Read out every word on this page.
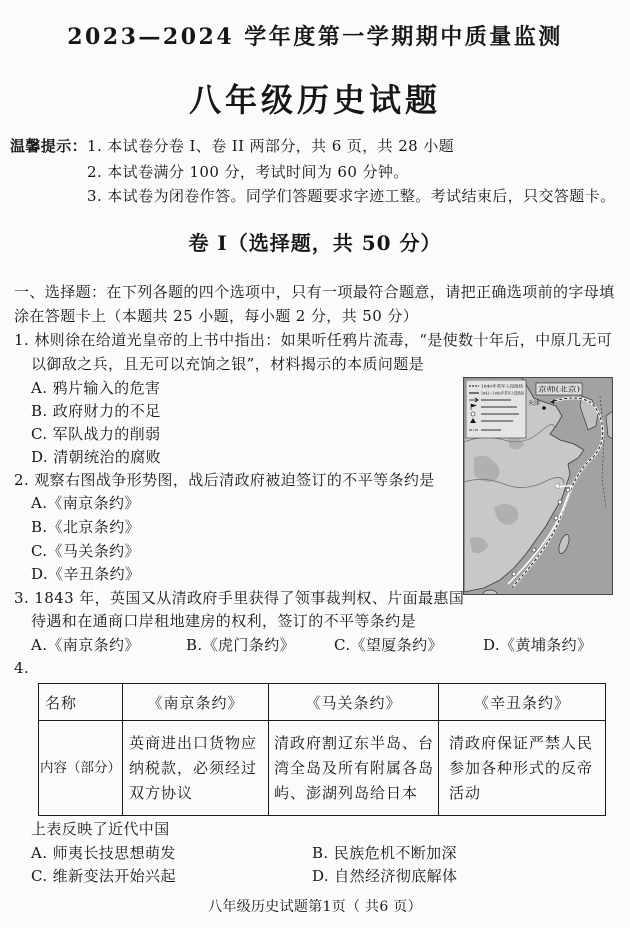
2023—2024 学年度第一学期期中质量监测
八年级历史试题
温馨提示： 1. 本试卷分卷 I、卷 II 两部分，共 6 页，共 28 小题
2. 本试卷满分 100 分，考试时间为 60 分钟。
3. 本试卷为闭卷作答。同学们答题要求字迹工整。考试结束后，只交答题卡。
卷 I（选择题，共 50 分）
一、选择题：在下列各题的四个选项中，只有一项最符合题意，请把正确选项前的字母填
涂在答题卡上（本题共 25 小题，每小题 2 分，共 50 分）
1. 林则徐在给道光皇帝的上书中指出：如果听任鸦片流毒，“是使数十年后，中原几无可
以御敌之兵，且无可以充饷之银”，材料揭示的本质问题是
A. 鸦片输入的危害
B. 政府财力的不足
C. 军队战力的削弱
D. 清朝统治的腐败
2. 观察右图战争形势图，战后清政府被迫签订的不平等条约是
A.《南京条约》
B.《北京条约》
C.《马关条约》
D.《辛丑条约》
1840年英军入侵路线
1841—1842年英军入侵路线 京师(北京)
天津
3. 1843 年，英国又从清政府手里获得了领事裁判权、片面最惠国
待遇和在通商口岸租地建房的权利，签订的不平等条约是
A.《南京条约》	B.《虎门条约》	C.《望厦条约》	D.《黄埔条约》
4.
名称	《南京条约》	《马关条约》	《辛丑条约》
内容（部分）	英商进出口货物应纳税款，必须经过双方协议	清政府割辽东半岛、台湾全岛及所有附属各岛屿、澎湖列岛给日本	清政府保证严禁人民参加各种形式的反帝活动
上表反映了近代中国
A. 师夷长技思想萌发	B. 民族危机不断加深
C. 维新变法开始兴起	D. 自然经济彻底解体
八年级历史试题第1页（ 共6 页）
